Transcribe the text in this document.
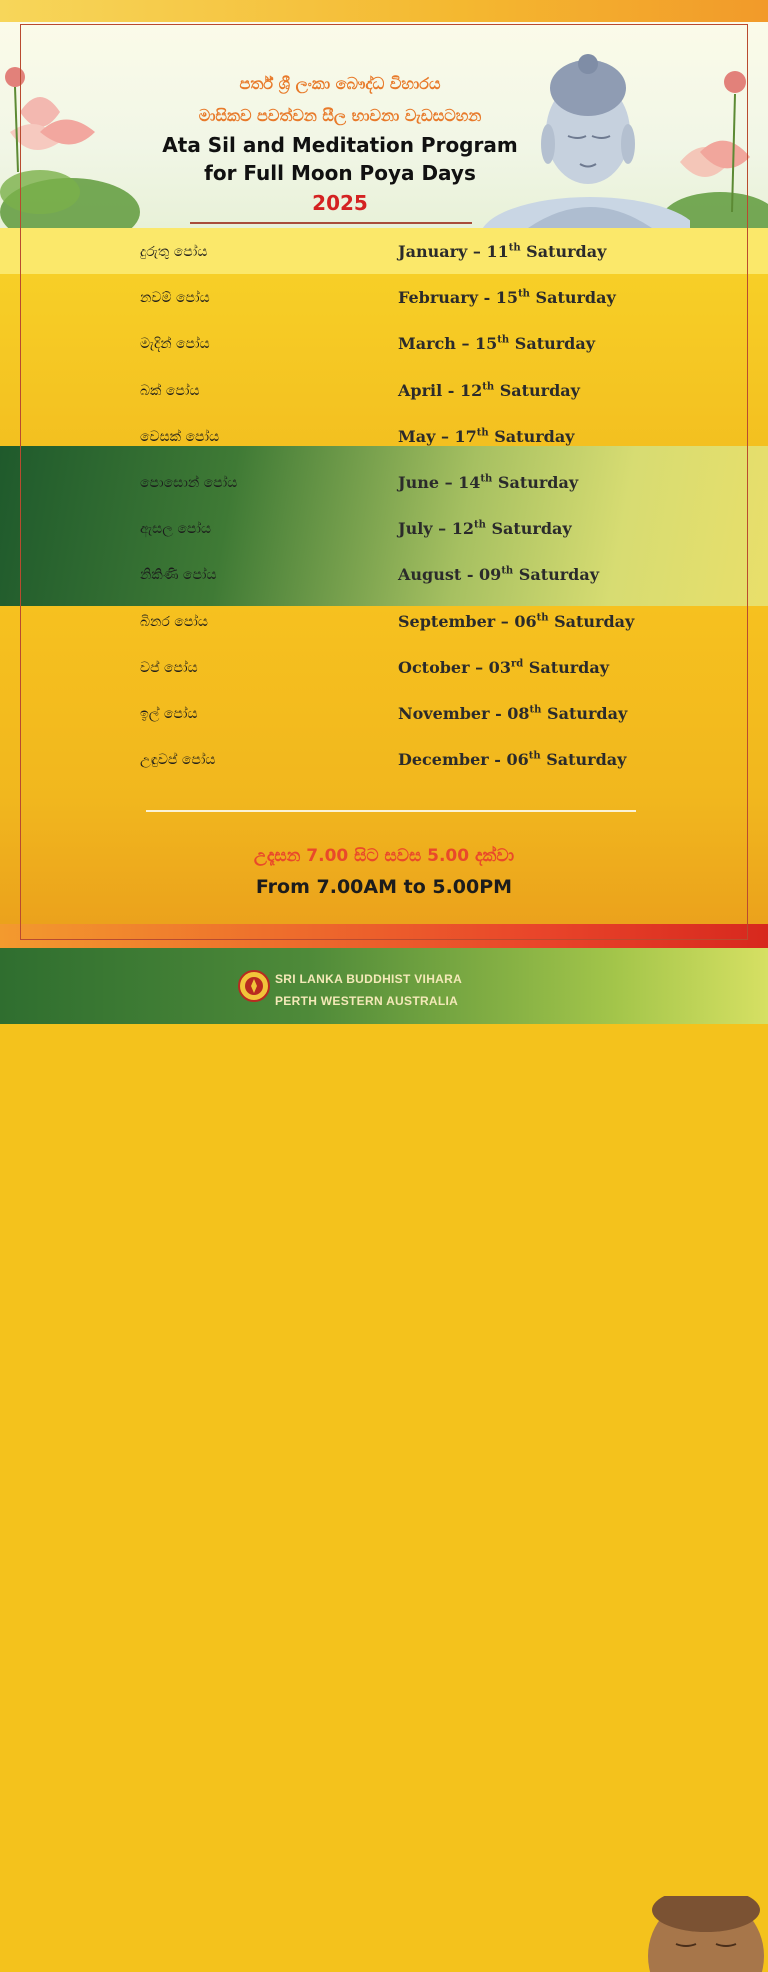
පර්ත් ශ්‍රී ලංකා බෞද්ධ විහාරය
මාසිකව පවත්වන සීල භාවනා වැඩසටහන
Ata Sil and Meditation Program
for Full Moon Poya Days
2025
දුරුතු පෝය	January – 11th Saturday
නවම් පෝය	February - 15th Saturday
මැදින් පෝය	March – 15th Saturday
බක් පෝය	April - 12th Saturday
වෙසක් පෝය	May – 17th Saturday
පොසොන් පෝය	June – 14th Saturday
ඇසල පෝය	July – 12th Saturday
නිකිණි පෝය	August - 09th Saturday
බිනර පෝය	September – 06th Saturday
වප් පෝය	October – 03rd Saturday
ඉල් පෝය	November - 08th Saturday
උඳුවප් පෝය	December - 06th Saturday
උදෑසන 7.00 සිට සවස 5.00 දක්වා
From 7.00AM to 5.00PM
SRI LANKA BUDDHIST VIHARA
PERTH WESTERN AUSTRALIA
